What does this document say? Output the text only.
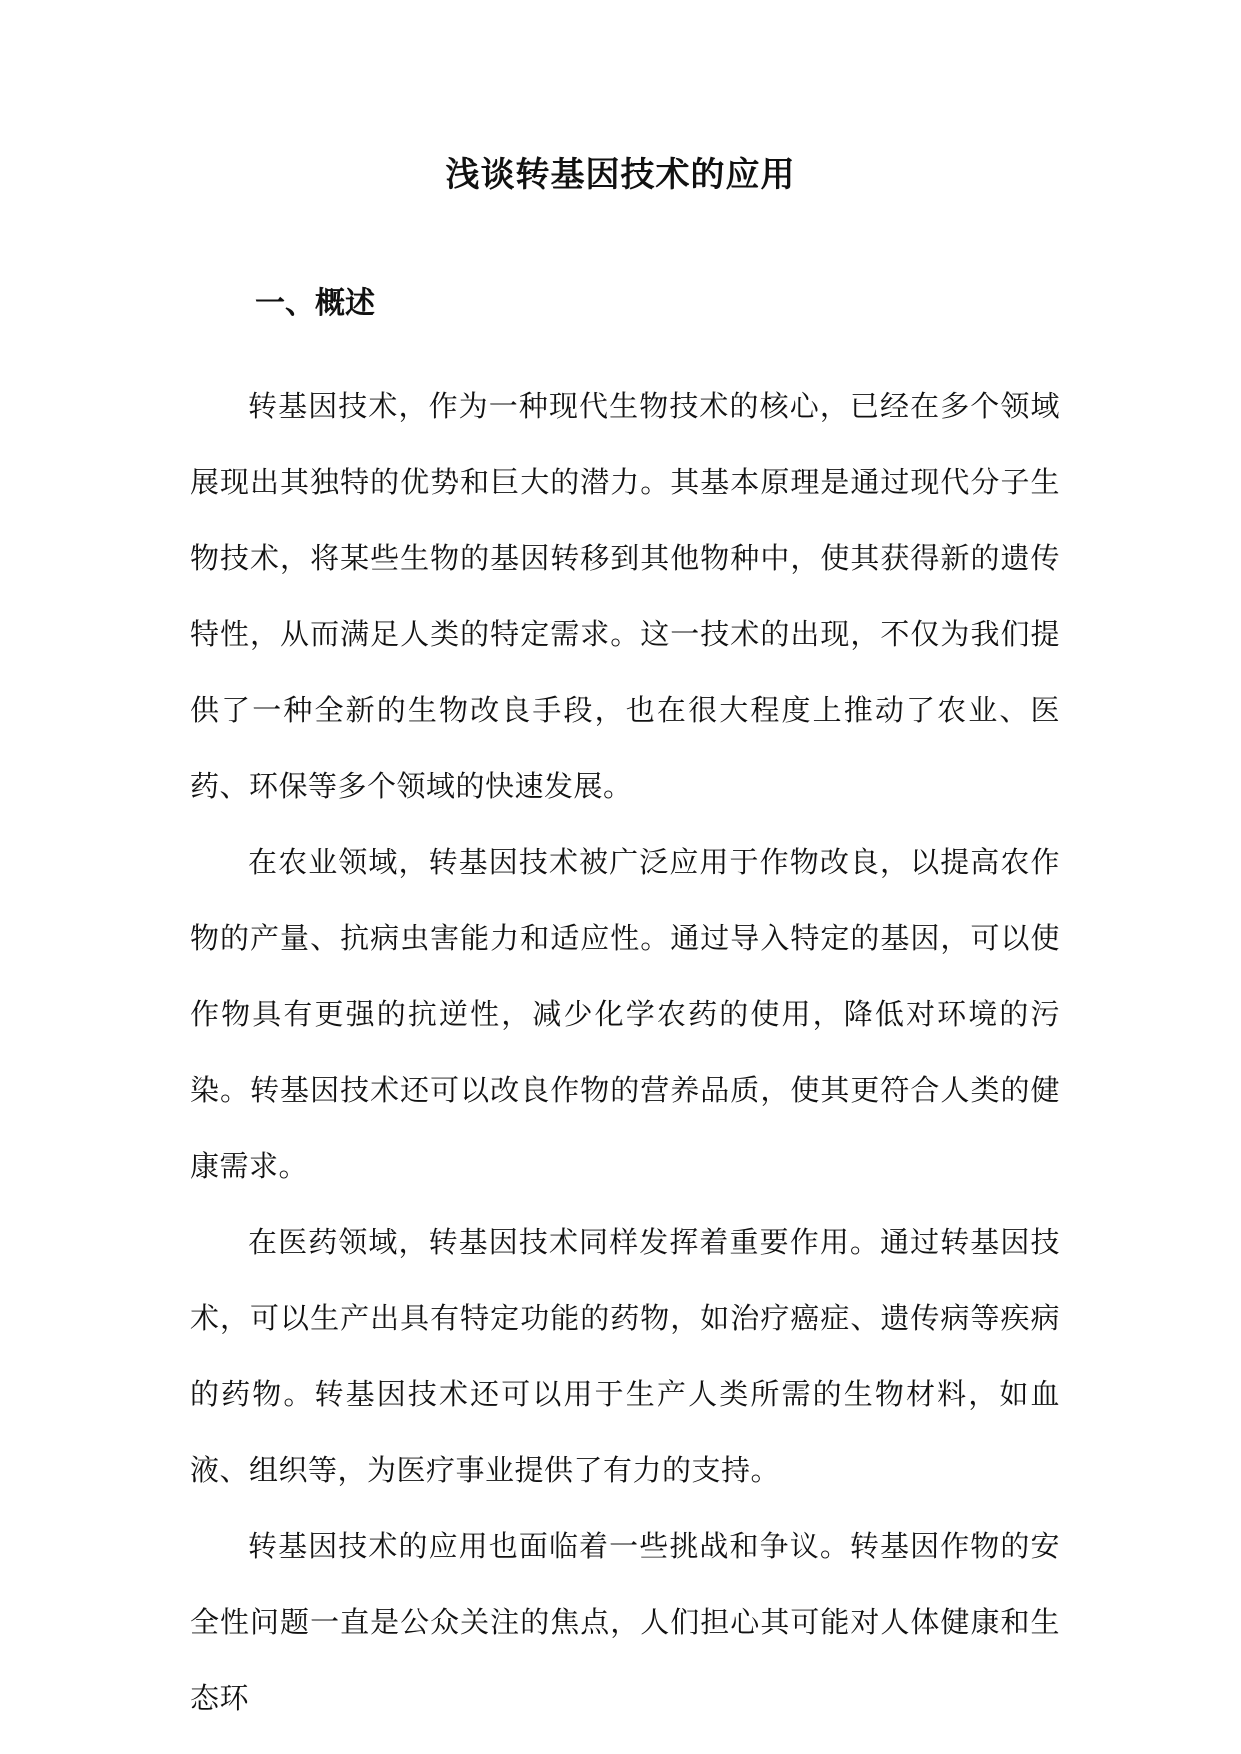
浅谈转基因技术的应用
一、概述

转基因技术，作为一种现代生物技术的核心，已经在多个领域展现出其独特的优势和巨大的潜力。其基本原理是通过现代分子生物技术，将某些生物的基因转移到其他物种中，使其获得新的遗传特性，从而满足人类的特定需求。这一技术的出现，不仅为我们提供了一种全新的生物改良手段，也在很大程度上推动了农业、医药、环保等多个领域的快速发展。

在农业领域，转基因技术被广泛应用于作物改良，以提高农作物的产量、抗病虫害能力和适应性。通过导入特定的基因，可以使作物具有更强的抗逆性，减少化学农药的使用，降低对环境的污染。转基因技术还可以改良作物的营养品质，使其更符合人类的健康需求。

在医药领域，转基因技术同样发挥着重要作用。通过转基因技术，可以生产出具有特定功能的药物，如治疗癌症、遗传病等疾病的药物。转基因技术还可以用于生产人类所需的生物材料，如血液、组织等，为医疗事业提供了有力的支持。

转基因技术的应用也面临着一些挑战和争议。转基因作物的安全性问题一直是公众关注的焦点，人们担心其可能对人体健康和生态环
